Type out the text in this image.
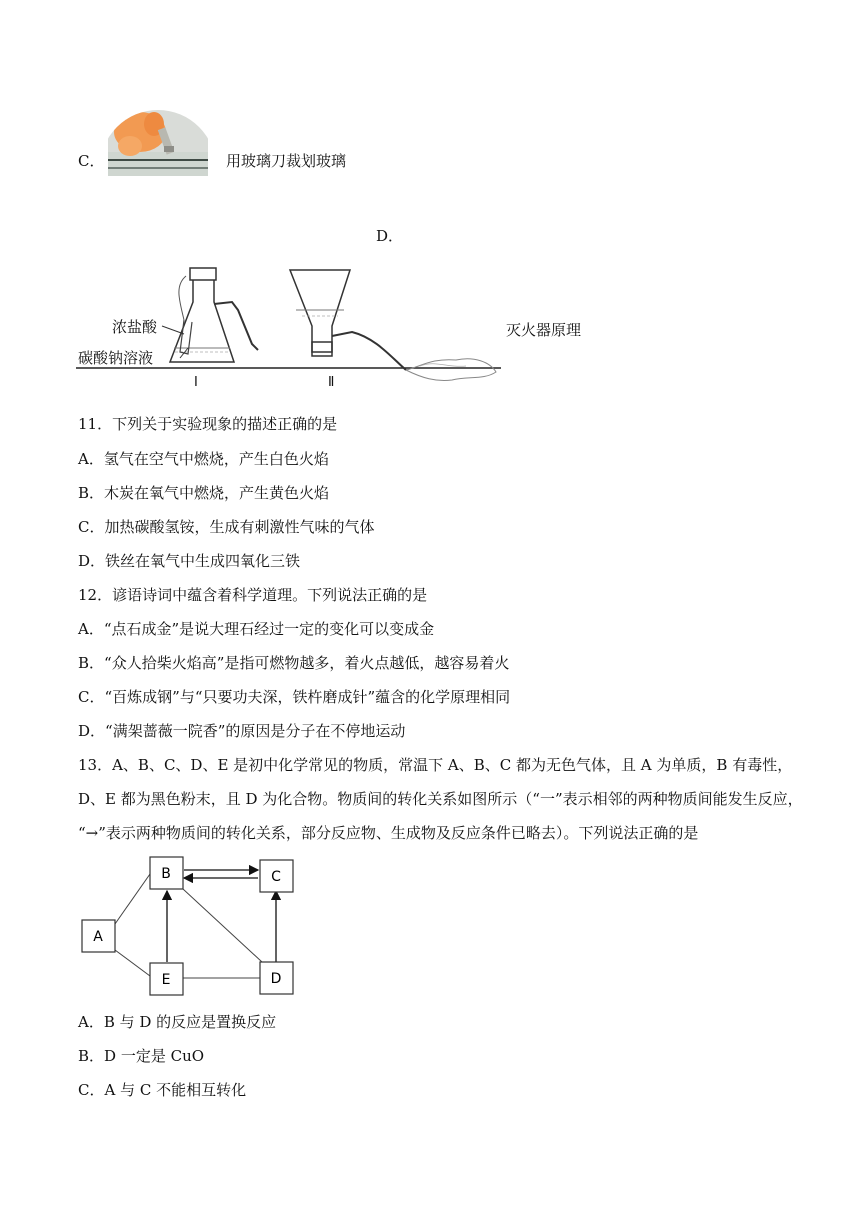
C．	用玻璃刀裁划玻璃
D．
浓盐酸
碳酸钠溶液
I	Ⅱ
灭火器原理
11．下列关于实验现象的描述正确的是
A．氢气在空气中燃烧，产生白色火焰
B．木炭在氧气中燃烧，产生黄色火焰
C．加热碳酸氢铵，生成有刺激性气味的气体
D．铁丝在氧气中生成四氧化三铁
12．谚语诗词中蕴含着科学道理。下列说法正确的是
A．“点石成金”是说大理石经过一定的变化可以变成金
B．“众人拾柴火焰高”是指可燃物越多，着火点越低，越容易着火
C．“百炼成钢”与“只要功夫深，铁杵磨成针”蕴含的化学原理相同
D．“满架蔷薇一院香”的原因是分子在不停地运动
13．A、B、C、D、E 是初中化学常见的物质，常温下 A、B、C 都为无色气体，且 A 为单质，B 有毒性，
D、E 都为黑色粉末，且 D 为化合物。物质间的转化关系如图所示（“一”表示相邻的两种物质间能发生反应，
“→”表示两种物质间的转化关系，部分反应物、生成物及反应条件已略去）。下列说法正确的是
A
B	C
E	D
A．B 与 D 的反应是置换反应
B．D 一定是 CuO
C．A 与 C 不能相互转化
